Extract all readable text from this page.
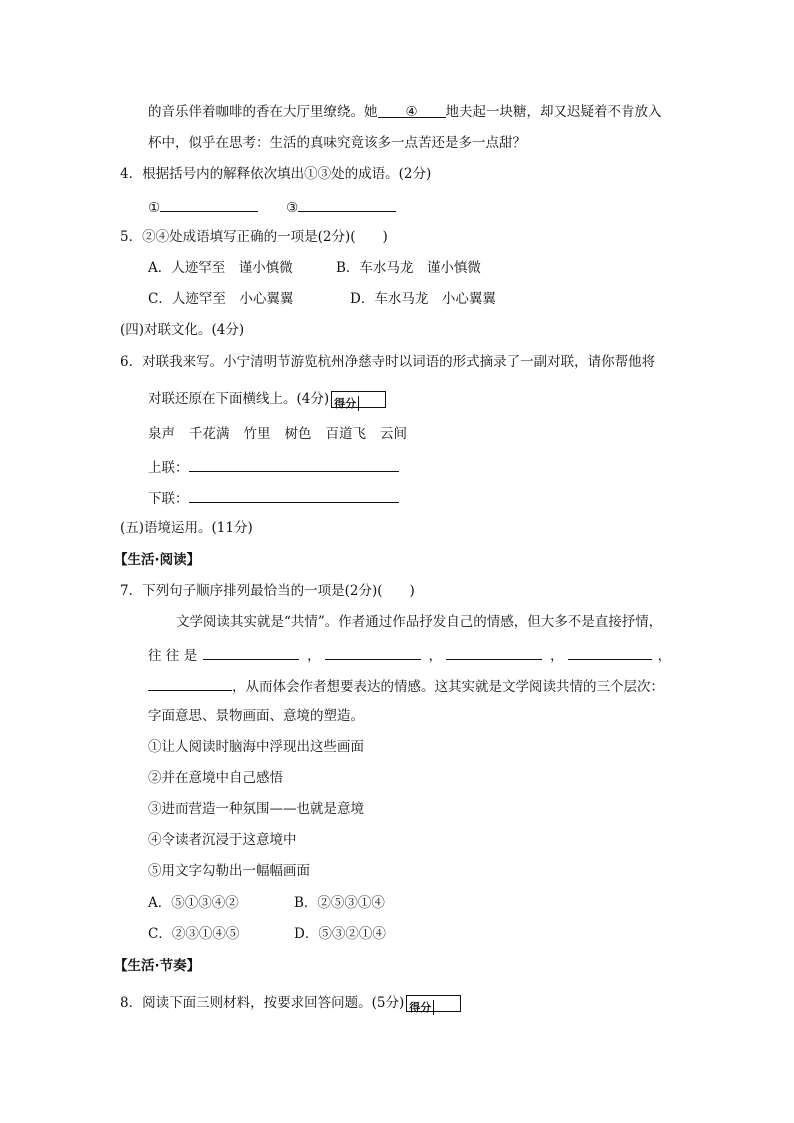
的音乐伴着咖啡的香在大厅里缭绕。她 ④ 地夫起一块糖，却又迟疑着不肯放入
杯中，似乎在思考：生活的真味究竟该多一点苦还是多一点甜？
4．根据括号内的解释依次填出①③处的成语。(2分)
①	③
5．②④处成语填写正确的一项是(2分)(　　)
A．人迹罕至　谨小慎微	B．车水马龙　谨小慎微
C．人迹罕至　小心翼翼	D．车水马龙　小心翼翼
(四)对联文化。(4分)
6．对联我来写。小宁清明节游览杭州净慈寺时以词语的形式摘录了一副对联，请你帮他将
对联还原在下面横线上。(4分) 得分
泉声 千花满 竹里 树色 百道飞 云间
上联：
下联：
(五)语境运用。(11分)
【生活·阅读】
7．下列句子顺序排列最恰当的一项是(2分)(　　)
文学阅读其实就是“共情”。作者通过作品抒发自己的情感，但大多不是直接抒情，
往 往 是	，	，	，	，
，从而体会作者想要表达的情感。这其实就是文学阅读共情的三个层次：
字面意思、景物画面、意境的塑造。
①让人阅读时脑海中浮现出这些画面
②并在意境中自己感悟
③进而营造一种氛围——也就是意境
④令读者沉浸于这意境中
⑤用文字勾勒出一幅幅画面
A．⑤①③④②	B．②⑤③①④
C．②③①④⑤	D．⑤③②①④
【生活·节奏】
8．阅读下面三则材料，按要求回答问题。(5分) 得分
